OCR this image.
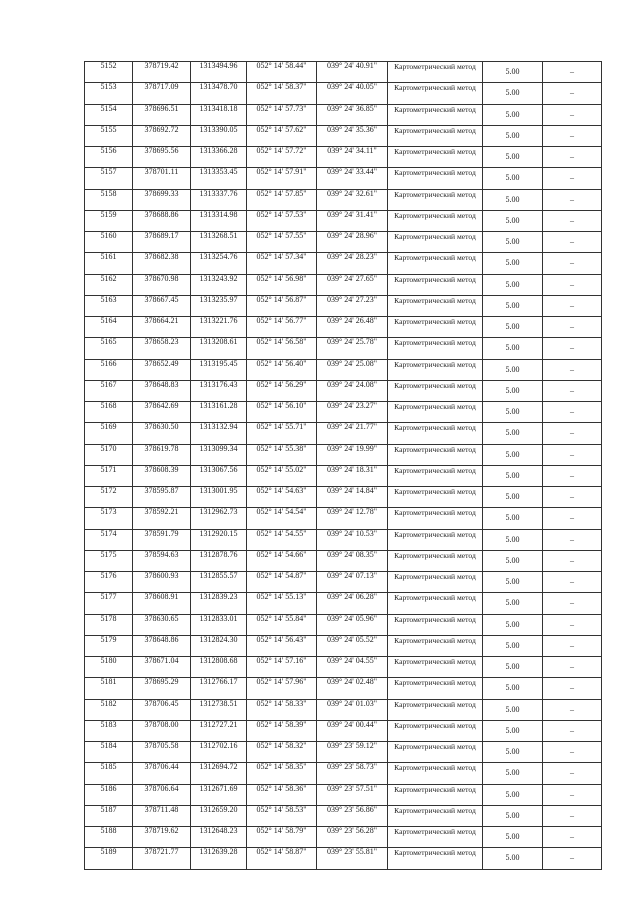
5152	378719.42	1313494.96	052° 14' 58.44"	039° 24' 40.91"	Картометрический метод	5.00	–
5153	378717.09	1313478.70	052° 14' 58.37"	039° 24' 40.05"	Картометрический метод	5.00	–
5154	378696.51	1313418.18	052° 14' 57.73"	039° 24' 36.85"	Картометрический метод	5.00	–
5155	378692.72	1313390.05	052° 14' 57.62"	039° 24' 35.36"	Картометрический метод	5.00	–
5156	378695.56	1313366.28	052° 14' 57.72"	039° 24' 34.11"	Картометрический метод	5.00	–
5157	378701.11	1313353.45	052° 14' 57.91"	039° 24' 33.44"	Картометрический метод	5.00	–
5158	378699.33	1313337.76	052° 14' 57.85"	039° 24' 32.61"	Картометрический метод	5.00	–
5159	378688.86	1313314.98	052° 14' 57.53"	039° 24' 31.41"	Картометрический метод	5.00	–
5160	378689.17	1313268.51	052° 14' 57.55"	039° 24' 28.96"	Картометрический метод	5.00	–
5161	378682.38	1313254.76	052° 14' 57.34"	039° 24' 28.23"	Картометрический метод	5.00	–
5162	378670.98	1313243.92	052° 14' 56.98"	039° 24' 27.65"	Картометрический метод	5.00	–
5163	378667.45	1313235.97	052° 14' 56.87"	039° 24' 27.23"	Картометрический метод	5.00	–
5164	378664.21	1313221.76	052° 14' 56.77"	039° 24' 26.48"	Картометрический метод	5.00	–
5165	378658.23	1313208.61	052° 14' 56.58"	039° 24' 25.78"	Картометрический метод	5.00	–
5166	378652.49	1313195.45	052° 14' 56.40"	039° 24' 25.08"	Картометрический метод	5.00	–
5167	378648.83	1313176.43	052° 14' 56.29"	039° 24' 24.08"	Картометрический метод	5.00	–
5168	378642.69	1313161.28	052° 14' 56.10"	039° 24' 23.27"	Картометрический метод	5.00	–
5169	378630.50	1313132.94	052° 14' 55.71"	039° 24' 21.77"	Картометрический метод	5.00	–
5170	378619.78	1313099.34	052° 14' 55.38"	039° 24' 19.99"	Картометрический метод	5.00	–
5171	378608.39	1313067.56	052° 14' 55.02"	039° 24' 18.31"	Картометрический метод	5.00	–
5172	378595.87	1313001.95	052° 14' 54.63"	039° 24' 14.84"	Картометрический метод	5.00	–
5173	378592.21	1312962.73	052° 14' 54.54"	039° 24' 12.78"	Картометрический метод	5.00	–
5174	378591.79	1312920.15	052° 14' 54.55"	039° 24' 10.53"	Картометрический метод	5.00	–
5175	378594.63	1312878.76	052° 14' 54.66"	039° 24' 08.35"	Картометрический метод	5.00	–
5176	378600.93	1312855.57	052° 14' 54.87"	039° 24' 07.13"	Картометрический метод	5.00	–
5177	378608.91	1312839.23	052° 14' 55.13"	039° 24' 06.28"	Картометрический метод	5.00	–
5178	378630.65	1312833.01	052° 14' 55.84"	039° 24' 05.96"	Картометрический метод	5.00	–
5179	378648.86	1312824.30	052° 14' 56.43"	039° 24' 05.52"	Картометрический метод	5.00	–
5180	378671.04	1312808.68	052° 14' 57.16"	039° 24' 04.55"	Картометрический метод	5.00	–
5181	378695.29	1312766.17	052° 14' 57.96"	039° 24' 02.48"	Картометрический метод	5.00	–
5182	378706.45	1312738.51	052° 14' 58.33"	039° 24' 01.03"	Картометрический метод	5.00	–
5183	378708.00	1312727.21	052° 14' 58.39"	039° 24' 00.44"	Картометрический метод	5.00	–
5184	378705.58	1312702.16	052° 14' 58.32"	039° 23' 59.12"	Картометрический метод	5.00	–
5185	378706.44	1312694.72	052° 14' 58.35"	039° 23' 58.73"	Картометрический метод	5.00	–
5186	378706.64	1312671.69	052° 14' 58.36"	039° 23' 57.51"	Картометрический метод	5.00	–
5187	378711.48	1312659.20	052° 14' 58.53"	039° 23' 56.86"	Картометрический метод	5.00	–
5188	378719.62	1312648.23	052° 14' 58.79"	039° 23' 56.28"	Картометрический метод	5.00	–
5189	378721.77	1312639.28	052° 14' 58.87"	039° 23' 55.81"	Картометрический метод	5.00	–
